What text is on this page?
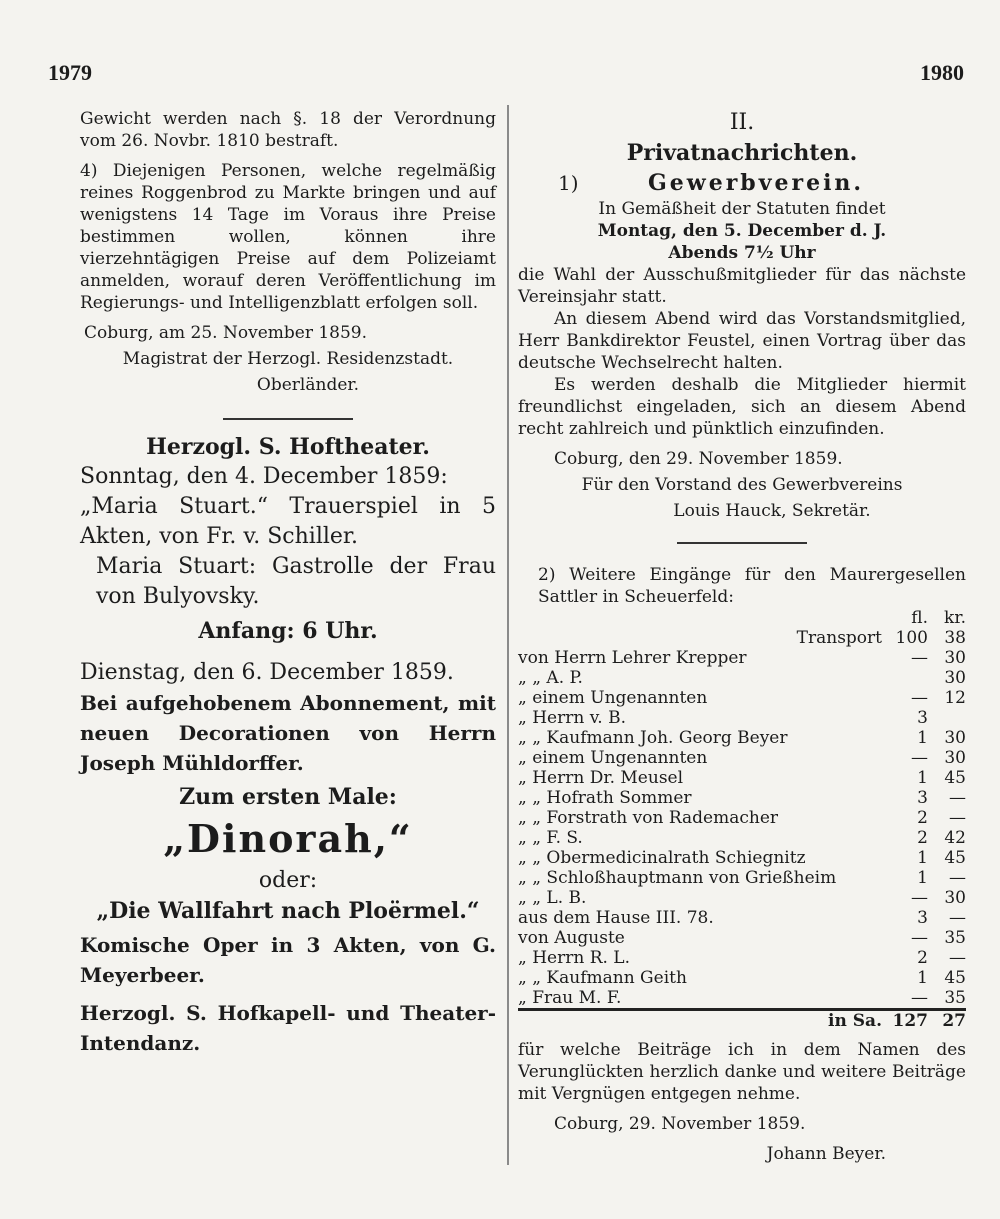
1979	1980
Gewicht werden nach §. 18 der Verordnung vom 26. Novbr. 1810 bestraft.
4) Diejenigen Personen, welche regelmäßig reines Roggenbrod zu Markte bringen und auf wenigstens 14 Tage im Voraus ihre Preise bestimmen wollen, können ihre vierzehntägigen Preise auf dem Polizeiamt anmelden, worauf deren Veröffentlichung im Regierungs- und Intelligenzblatt erfolgen soll.
Coburg, am 25. November 1859.
Magistrat der Herzogl. Residenzstadt.
Oberländer.
Herzogl. S. Hoftheater.
Sonntag, den 4. December 1859:
„Maria Stuart.“ Trauerspiel in 5 Akten, von Fr. v. Schiller.
Maria Stuart: Gastrolle der Frau von Bulyovsky.
Anfang: 6 Uhr.
Dienstag, den 6. December 1859.
Bei aufgehobenem Abonnement, mit neuen Decorationen von Herrn Joseph Mühldorffer.
Zum ersten Male:
„Dinorah,“
oder:
„Die Wallfahrt nach Ploërmel.“
Komische Oper in 3 Akten, von G. Meyerbeer.
Herzogl. S. Hofkapell- und Theater-Intendanz.
II.
Privatnachrichten.
1)	Gewerbverein.
In Gemäßheit der Statuten findet
Montag, den 5. December d. J.
Abends 7½ Uhr
die Wahl der Ausschußmitglieder für das nächste Vereinsjahr statt.
An diesem Abend wird das Vorstandsmitglied, Herr Bankdirektor Feustel, einen Vortrag über das deutsche Wechselrecht halten.
Es werden deshalb die Mitglieder hiermit freundlichst eingeladen, sich an diesem Abend recht zahlreich und pünktlich einzufinden.
Coburg, den 29. November 1859.
Für den Vorstand des Gewerbvereins
Louis Hauck, Sekretär.
2) Weitere Eingänge für den Maurergesellen Sattler in Scheuerfeld:
	fl.	kr.
Transport	100	38
von Herrn Lehrer Krepper	—	30
„ „ A. P.		30
„ einem Ungenannten	—	12
„ Herrn v. B.	3	
„ „ Kaufmann Joh. Georg Beyer	1	30
„ einem Ungenannten	—	30
„ Herrn Dr. Meusel	1	45
„ „ Hofrath Sommer	3	—
„ „ Forstrath von Rademacher	2	—
„ „ F. S.	2	42
„ „ Obermedicinalrath Schiegnitz	1	45
„ „ Schloßhauptmann von Grießheim	1	—
„ „ L. B.	—	30
aus dem Hause III. 78.	3	—
von Auguste	—	35
„ Herrn R. L.	2	—
„ „ Kaufmann Geith	1	45
„ Frau M. F.	—	35
in Sa.	127	27
für welche Beiträge ich in dem Namen des Verunglückten herzlich danke und weitere Beiträge mit Vergnügen entgegen nehme.
Coburg, 29. November 1859.
Johann Beyer.
